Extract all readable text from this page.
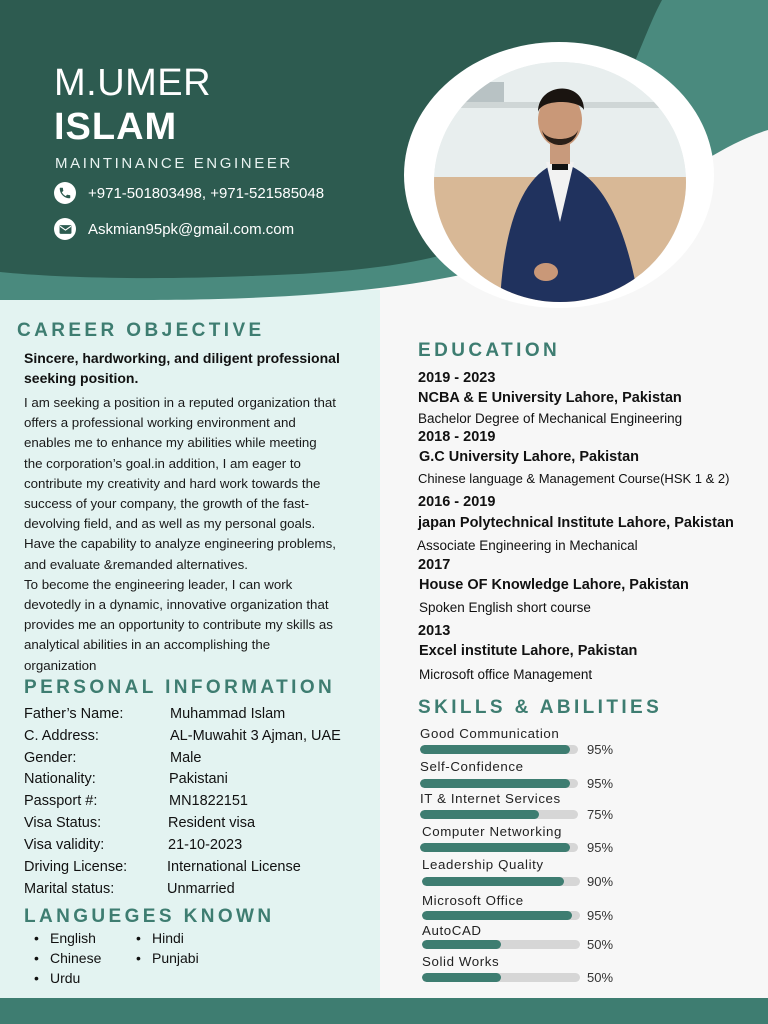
M.UMER
ISLAM
MAINTINANCE ENGINEER
+971-501803498, +971-521585048
Askmian95pk@gmail.com.com
CAREER OBJECTIVE
Sincere, hardworking, and diligent professional seeking position.
I am seeking a position in a reputed organization that
offers a professional working environment and
enables me to enhance my abilities while meeting
the corporation’s goal.in addition, I am eager to
contribute my creativity and hard work towards the
success of your company, the growth of the fast-
devolving field, and as well as my personal goals.
Have the capability to analyze engineering problems,
and evaluate &remanded alternatives.
To become the engineering leader, I can work
devotedly in a dynamic, innovative organization that
provides me an opportunity to contribute my skills as
analytical abilities in an accomplishing the
organization
PERSONAL INFORMATION
Father’s Name:	Muhammad Islam
C. Address:	AL-Muwahit 3 Ajman, UAE
Gender:	Male
Nationality:	Pakistani
Passport #:	MN1822151
Visa Status:	Resident visa
Visa validity:	21-10-2023
Driving License:	International License
Marital status:	Unmarried
LANGUEGES KNOWN
• English
• Chinese
• Urdu
• Hindi
• Punjabi
EDUCATION
2019 - 2023
NCBA & E University Lahore, Pakistan
Bachelor Degree of Mechanical Engineering
2018 - 2019
G.C University Lahore, Pakistan
Chinese language & Management Course(HSK 1 & 2)
2016 - 2019
japan Polytechnical Institute Lahore, Pakistan
Associate Engineering in Mechanical
2017
House OF Knowledge Lahore, Pakistan
Spoken English short course
2013
Excel institute Lahore, Pakistan
Microsoft office Management
SKILLS & ABILITIES
Good Communication
95%
Self-Confidence
95%
IT & Internet Services
75%
Computer Networking
95%
Leadership Quality
90%
Microsoft Office
95%
AutoCAD
50%
Solid Works
50%
